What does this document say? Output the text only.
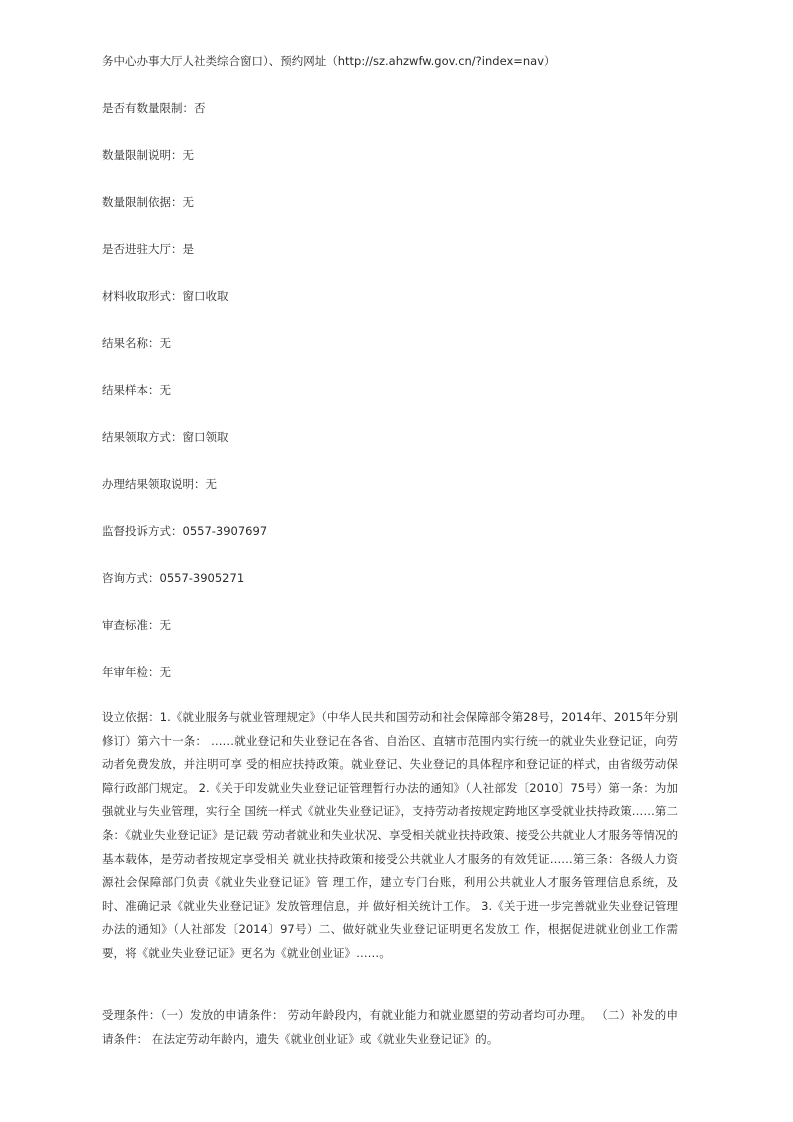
务中心办事大厅人社类综合窗口）、预约网址（http://sz.ahzwfw.gov.cn/?index=nav）
是否有数量限制：否
数量限制说明：无
数量限制依据：无
是否进驻大厅：是
材料收取形式：窗口收取
结果名称：无
结果样本：无
结果领取方式：窗口领取
办理结果领取说明：无
监督投诉方式：0557-3907697
咨询方式：0557-3905271
审查标准：无
年审年检：无
设立依据：1.《就业服务与就业管理规定》（中华人民共和国劳动和社会保障部令第28号，2014年、2015年分别修订）第六十一条： ……就业登记和失业登记在各省、自治区、直辖市范围内实行统一的就业失业登记证，向劳动者免费发放，并注明可享 受的相应扶持政策。就业登记、失业登记的具体程序和登记证的样式，由省级劳动保障行政部门规定。 2.《关于印发就业失业登记证管理暂行办法的通知》（人社部发〔2010〕75号）第一条：为加强就业与失业管理，实行全 国统一样式《就业失业登记证》，支持劳动者按规定跨地区享受就业扶持政策……第二条：《就业失业登记证》是记载 劳动者就业和失业状况、享受相关就业扶持政策、接受公共就业人才服务等情况的基本载体，是劳动者按规定享受相关 就业扶持政策和接受公共就业人才服务的有效凭证……第三条：各级人力资源社会保障部门负责《就业失业登记证》管 理工作，建立专门台账，利用公共就业人才服务管理信息系统，及时、准确记录《就业失业登记证》发放管理信息，并 做好相关统计工作。 3.《关于进一步完善就业失业登记管理办法的通知》（人社部发〔2014〕97号）二、做好就业失业登记证明更名发放工 作，根据促进就业创业工作需要，将《就业失业登记证》更名为《就业创业证》……。
受理条件：（一）发放的申请条件： 劳动年龄段内，有就业能力和就业愿望的劳动者均可办理。 （二）补发的申请条件： 在法定劳动年龄内，遗失《就业创业证》或《就业失业登记证》的。
